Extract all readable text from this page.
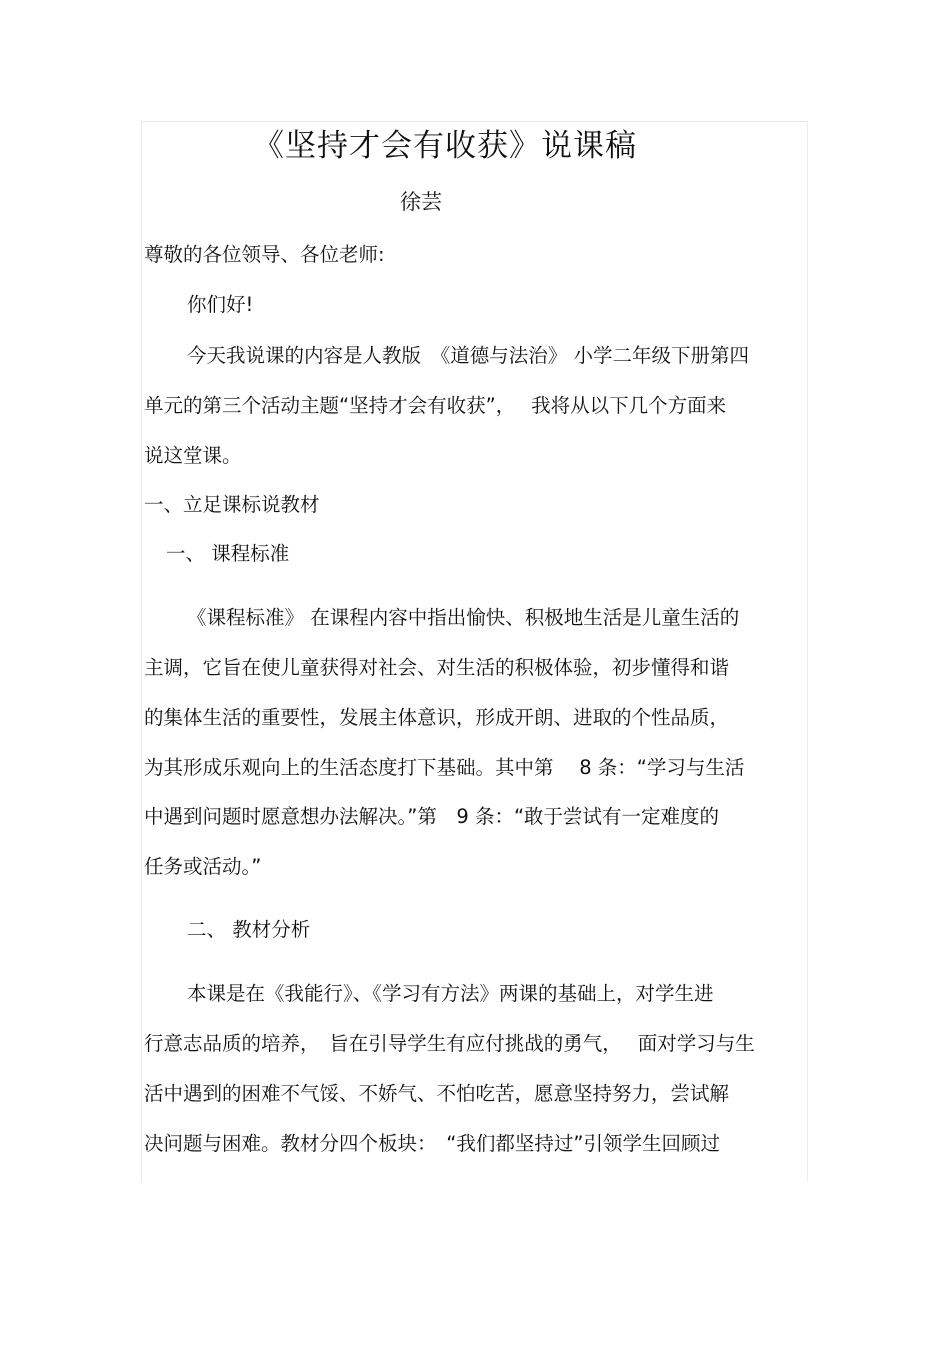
《坚持才会有收获》说课稿
徐芸
尊敬的各位领导、各位老师:
你们好!
今天我说课的内容是人教版　《道德与法治》 小学二年级下册第四
单元的第三个活动主题“坚持才会有收获”，　 我将从以下几个方面来
说这堂课。
一、立足课标说教材
一、 课程标准
《课程标准》 在课程内容中指出愉快、积极地生活是儿童生活的
主调，它旨在使儿童获得对社会、对生活的积极体验，初步懂得和谐
的集体生活的重要性，发展主体意识，形成开朗、进取的个性品质，
为其形成乐观向上的生活态度打下基础。其中第　 8 条：“学习与生活
中遇到问题时愿意想办法解决。”第　9 条：“敢于尝试有一定难度的
任务或活动。”
二、 教材分析
本课是在《我能行》、《学习有方法》两课的基础上，对学生进
行意志品质的培养，　旨在引导学生有应付挑战的勇气，　 面对学习与生
活中遇到的困难不气馁、不娇气、不怕吃苦，愿意坚持努力，尝试解
决问题与困难。教材分四个板块：　“我们都坚持过”引领学生回顾过
